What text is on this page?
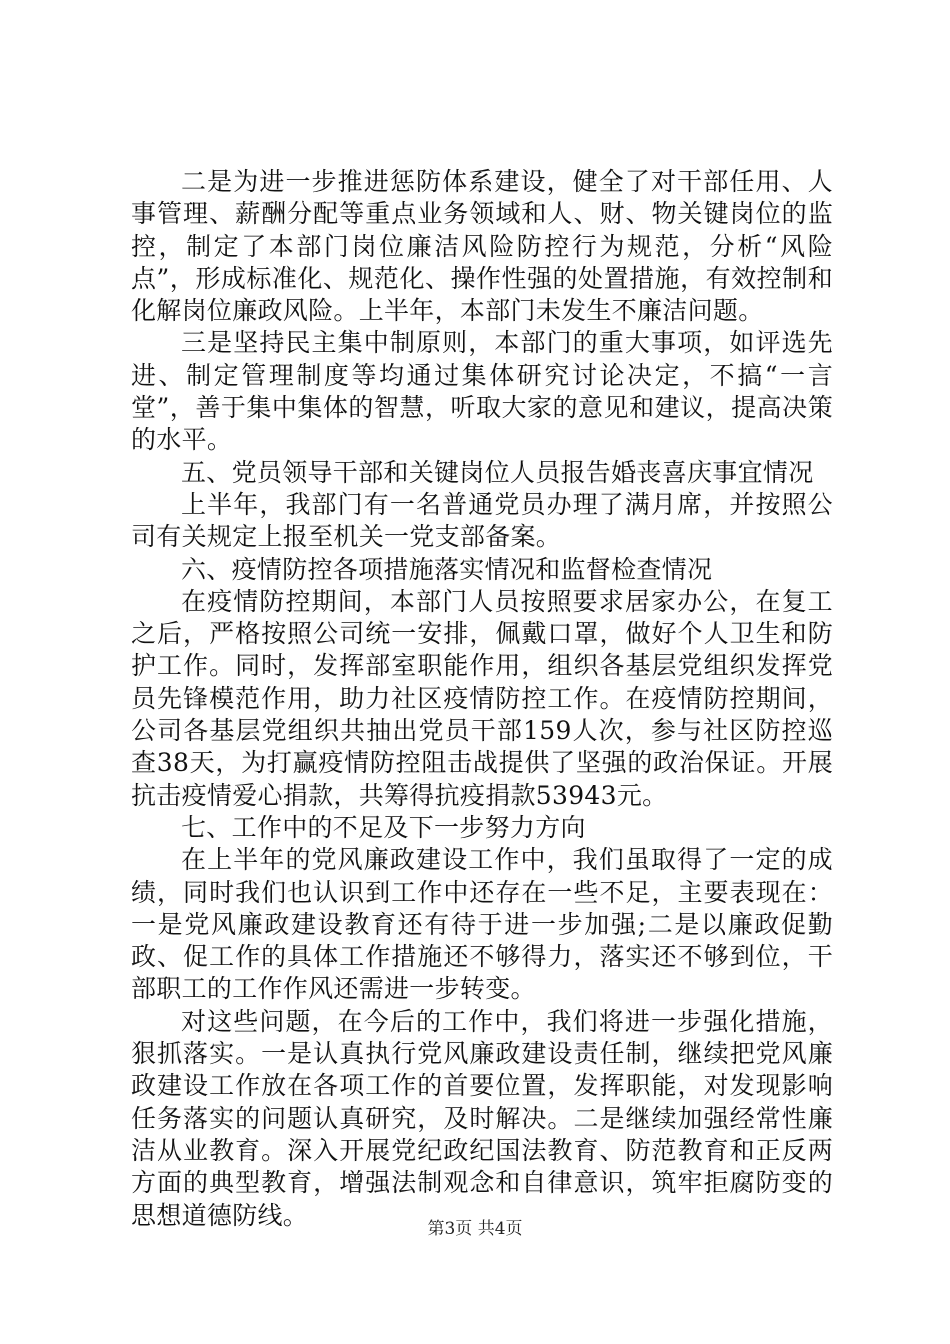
二是为进一步推进惩防体系建设，健全了对干部任用、人事管理、薪酬分配等重点业务领域和人、财、物关键岗位的监控，制定了本部门岗位廉洁风险防控行为规范，分析“风险点”，形成标准化、规范化、操作性强的处置措施，有效控制和化解岗位廉政风险。上半年，本部门未发生不廉洁问题。

三是坚持民主集中制原则，本部门的重大事项，如评选先进、制定管理制度等均通过集体研究讨论决定，不搞“一言堂”，善于集中集体的智慧，听取大家的意见和建议，提高决策的水平。

五、党员领导干部和关键岗位人员报告婚丧喜庆事宜情况

上半年，我部门有一名普通党员办理了满月席，并按照公司有关规定上报至机关一党支部备案。

六、疫情防控各项措施落实情况和监督检查情况

在疫情防控期间，本部门人员按照要求居家办公，在复工之后，严格按照公司统一安排，佩戴口罩，做好个人卫生和防护工作。同时，发挥部室职能作用，组织各基层党组织发挥党员先锋模范作用，助力社区疫情防控工作。在疫情防控期间，公司各基层党组织共抽出党员干部159人次，参与社区防控巡查38天，为打赢疫情防控阻击战提供了坚强的政治保证。开展抗击疫情爱心捐款，共筹得抗疫捐款53943元。

七、工作中的不足及下一步努力方向

在上半年的党风廉政建设工作中，我们虽取得了一定的成绩，同时我们也认识到工作中还存在一些不足，主要表现在：一是党风廉政建设教育还有待于进一步加强;二是以廉政促勤政、促工作的具体工作措施还不够得力，落实还不够到位，干部职工的工作作风还需进一步转变。

对这些问题，在今后的工作中，我们将进一步强化措施，狠抓落实。一是认真执行党风廉政建设责任制，继续把党风廉政建设工作放在各项工作的首要位置，发挥职能，对发现影响任务落实的问题认真研究，及时解决。二是继续加强经常性廉洁从业教育。深入开展党纪政纪国法教育、防范教育和正反两方面的典型教育，增强法制观念和自律意识，筑牢拒腐防变的思想道德防线。	第3页 共4页
